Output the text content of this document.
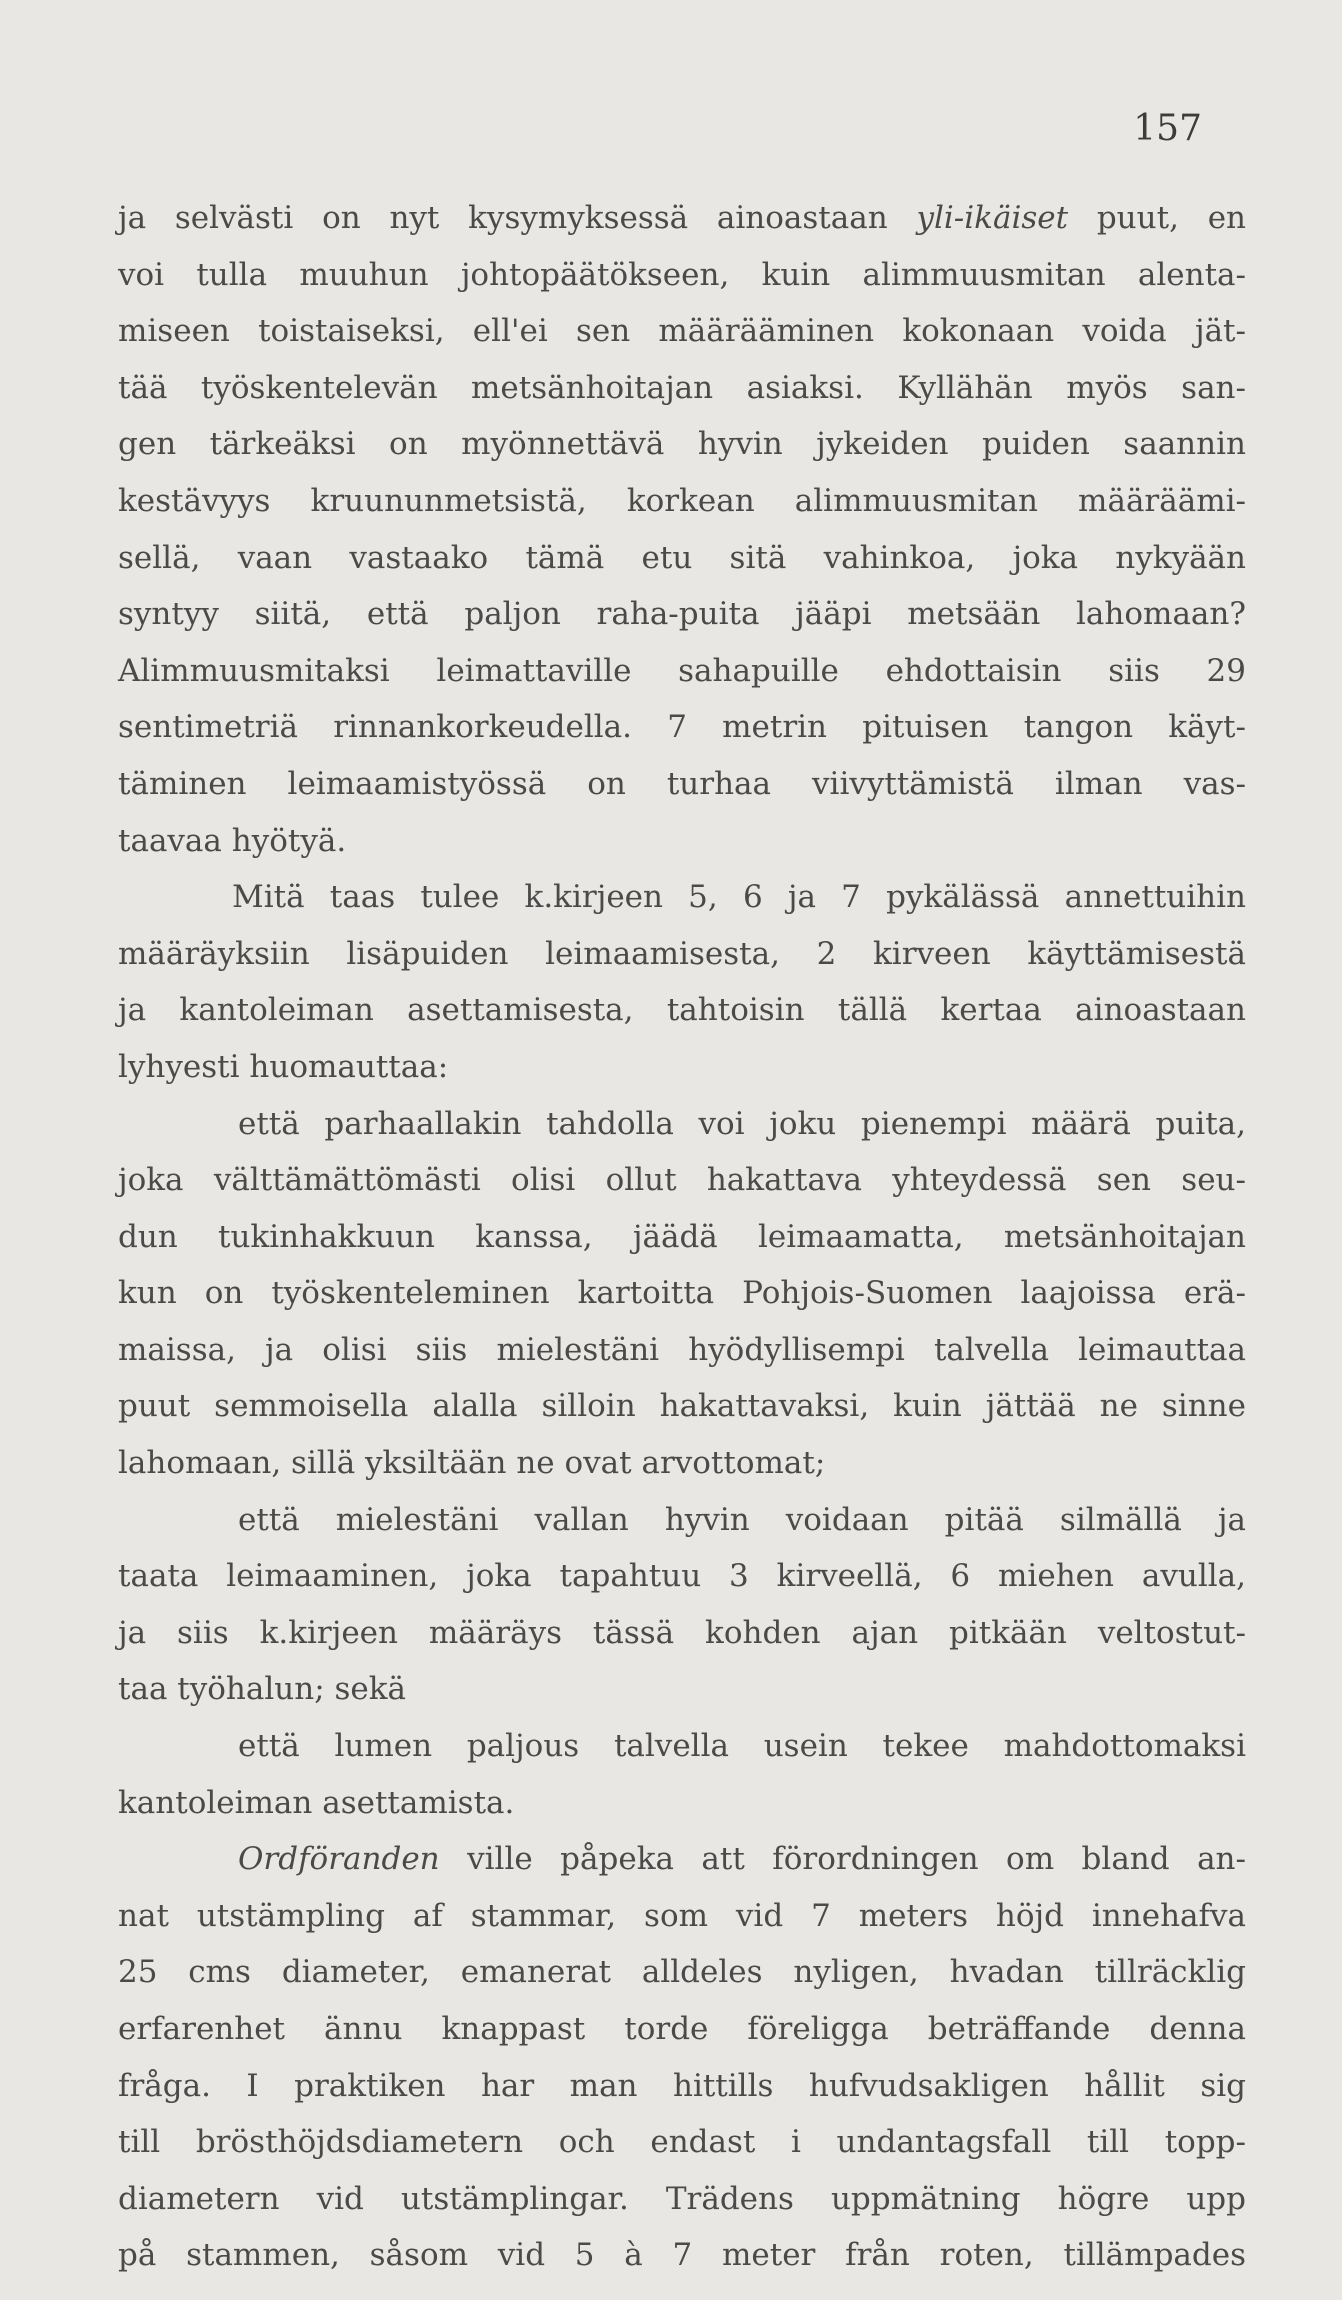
157
ja selvästi on nyt kysymyksessä ainoastaan yli-ikäiset puut, en
voi tulla muuhun johtopäätökseen, kuin alimmuusmitan alenta-
miseen toistaiseksi, ell'ei sen määrääminen kokonaan voida jät-
tää työskentelevän metsänhoitajan asiaksi. Kyllähän myös san-
gen tärkeäksi on myönnettävä hyvin jykeiden puiden saannin
kestävyys kruununmetsistä, korkean alimmuusmitan määräämi-
sellä, vaan vastaako tämä etu sitä vahinkoa, joka nykyään
syntyy siitä, että paljon raha-puita jääpi metsään lahomaan?
Alimmuusmitaksi leimattaville sahapuille ehdottaisin siis 29
sentimetriä rinnankorkeudella. 7 metrin pituisen tangon käyt-
täminen leimaamistyössä on turhaa viivyttämistä ilman vas-
taavaa hyötyä.
Mitä taas tulee k.kirjeen 5, 6 ja 7 pykälässä annettuihin
määräyksiin lisäpuiden leimaamisesta, 2 kirveen käyttämisestä
ja kantoleiman asettamisesta, tahtoisin tällä kertaa ainoastaan
lyhyesti huomauttaa:
että parhaallakin tahdolla voi joku pienempi määrä puita,
joka välttämättömästi olisi ollut hakattava yhteydessä sen seu-
dun tukinhakkuun kanssa, jäädä leimaamatta, metsänhoitajan
kun on työskenteleminen kartoitta Pohjois-Suomen laajoissa erä-
maissa, ja olisi siis mielestäni hyödyllisempi talvella leimauttaa
puut semmoisella alalla silloin hakattavaksi, kuin jättää ne sinne
lahomaan, sillä yksiltään ne ovat arvottomat;
että mielestäni vallan hyvin voidaan pitää silmällä ja
taata leimaaminen, joka tapahtuu 3 kirveellä, 6 miehen avulla,
ja siis k.kirjeen määräys tässä kohden ajan pitkään veltostut-
taa työhalun; sekä
että lumen paljous talvella usein tekee mahdottomaksi
kantoleiman asettamista.
Ordföranden ville påpeka att förordningen om bland an-
nat utstämpling af stammar, som vid 7 meters höjd innehafva
25 cms diameter, emanerat alldeles nyligen, hvadan tillräcklig
erfarenhet ännu knappast torde föreligga beträffande denna
fråga. I praktiken har man hittills hufvudsakligen hållit sig
till brösthöjdsdiametern och endast i undantagsfall till topp-
diametern vid utstämplingar. Trädens uppmätning högre upp
på stammen, såsom vid 5 à 7 meter från roten, tillämpades
